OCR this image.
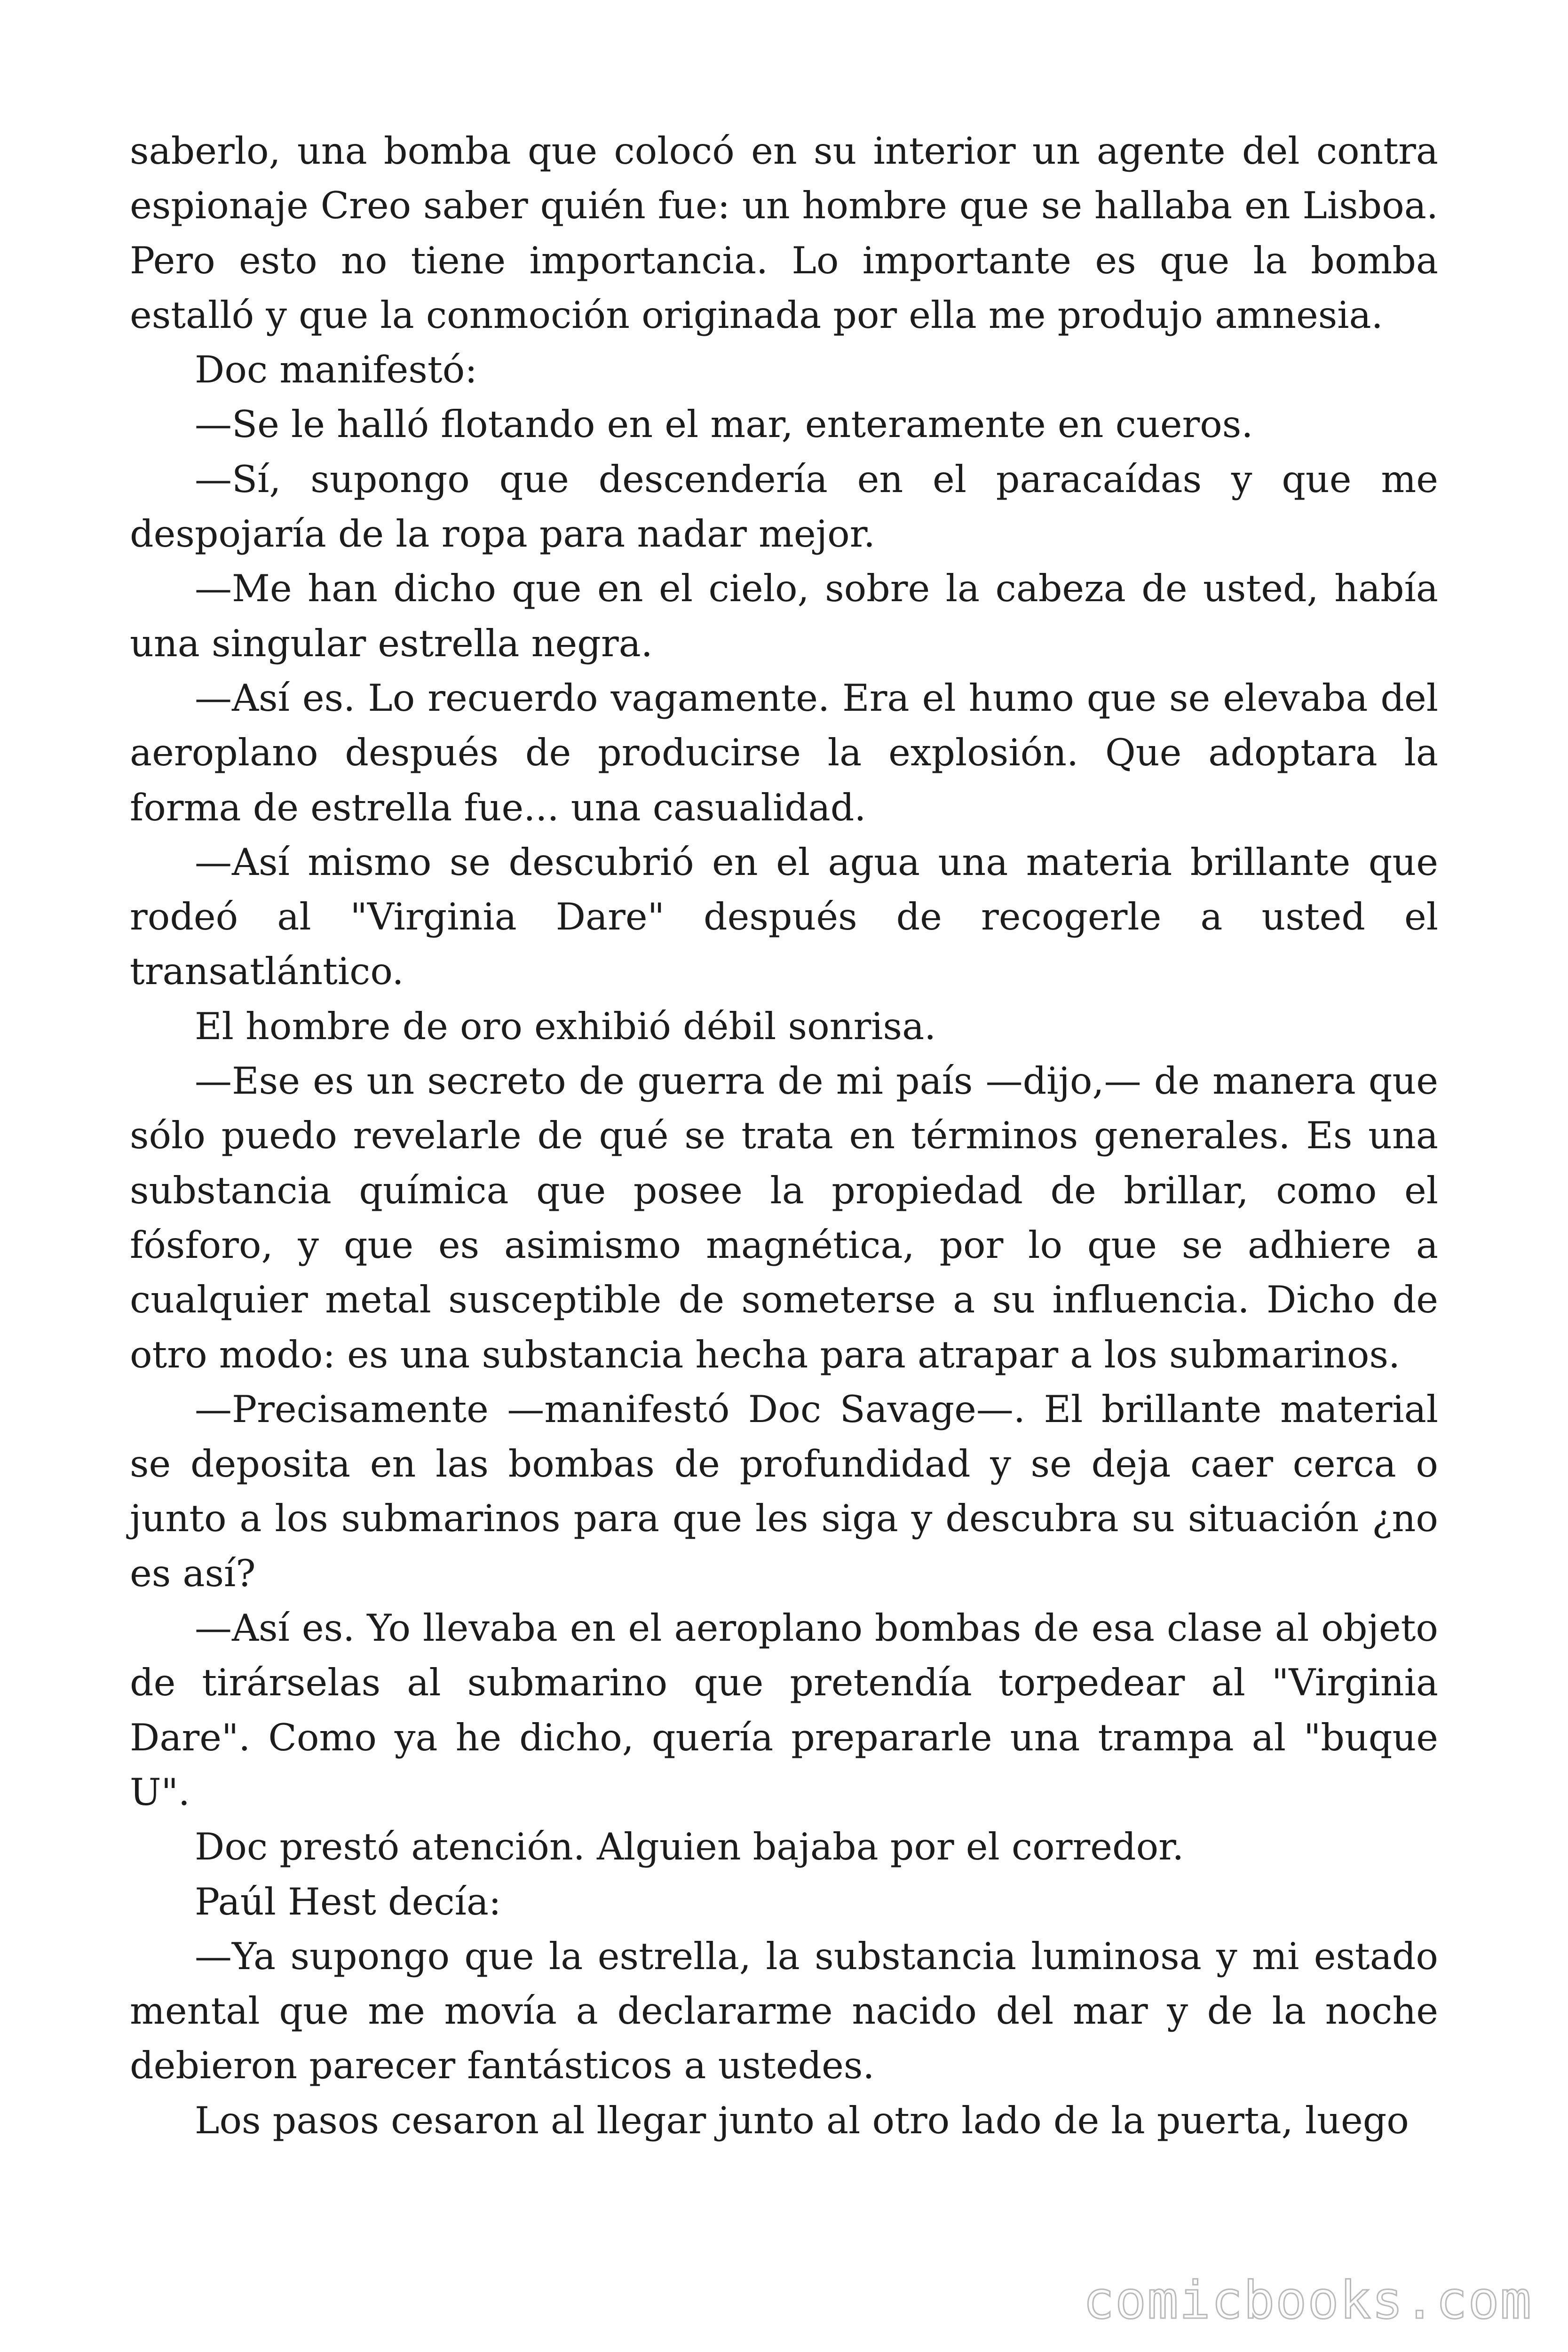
saberlo, una bomba que colocó en su interior un agente del contra espionaje Creo saber quién fue: un hombre que se hallaba en Lisboa. Pero esto no tiene importancia. Lo importante es que la bomba estalló y que la conmoción originada por ella me produjo amnesia.

Doc manifestó:

—Se le halló flotando en el mar, enteramente en cueros.

—Sí, supongo que descendería en el paracaídas y que me despojaría de la ropa para nadar mejor.

—Me han dicho que en el cielo, sobre la cabeza de usted, había una singular estrella negra.

—Así es. Lo recuerdo vagamente. Era el humo que se elevaba del aeroplano después de producirse la explosión. Que adoptara la forma de estrella fue... una casualidad.

—Así mismo se descubrió en el agua una materia brillante que rodeó al "Virginia Dare" después de recogerle a usted el transatlántico.

El hombre de oro exhibió débil sonrisa.

—Ese es un secreto de guerra de mi país —dijo,— de manera que sólo puedo revelarle de qué se trata en términos generales. Es una substancia química que posee la propiedad de brillar, como el fósforo, y que es asimismo magnética, por lo que se adhiere a cualquier metal susceptible de someterse a su influencia. Dicho de otro modo: es una substancia hecha para atrapar a los submarinos.

—Precisamente —manifestó Doc Savage—. El brillante material se deposita en las bombas de profundidad y se deja caer cerca o junto a los submarinos para que les siga y descubra su situación ¿no es así?

—Así es. Yo llevaba en el aeroplano bombas de esa clase al objeto de tirárselas al submarino que pretendía torpedear al "Virginia Dare". Como ya he dicho, quería prepararle una trampa al "buque U".

Doc prestó atención. Alguien bajaba por el corredor.

Paúl Hest decía:

—Ya supongo que la estrella, la substancia luminosa y mi estado mental que me movía a declararme nacido del mar y de la noche debieron parecer fantásticos a ustedes.

Los pasos cesaron al llegar junto al otro lado de la puerta, luego

comicbooks.com
